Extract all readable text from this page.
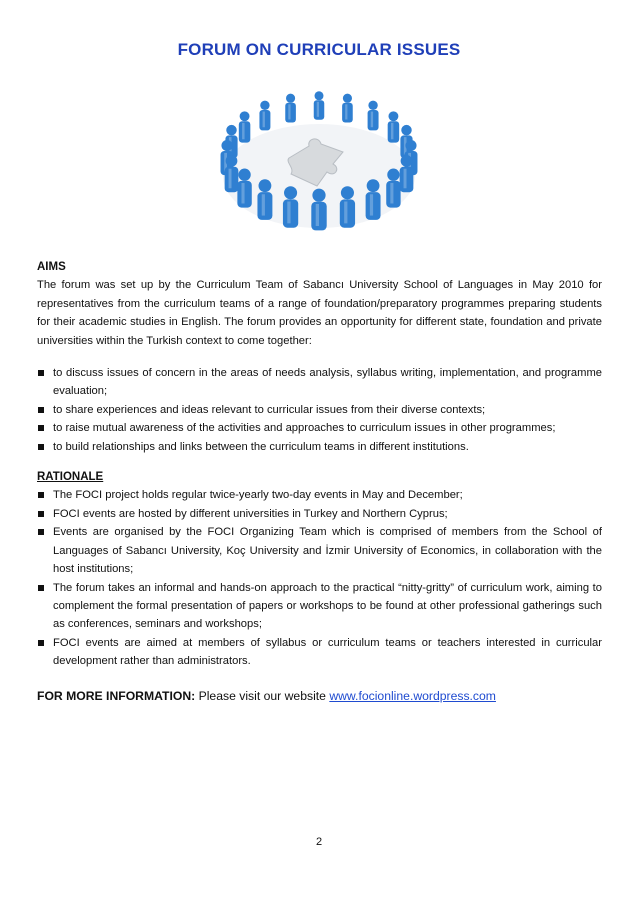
FORUM ON CURRICULAR ISSUES

AIMS

The forum was set up by the Curriculum Team of Sabancı University School of Languages in May 2010 for representatives from the curriculum teams of a range of foundation/preparatory programmes preparing students for their academic studies in English. The forum provides an opportunity for different state, foundation and private universities within the Turkish context to come together:

to discuss issues of concern in the areas of needs analysis, syllabus writing, implementation, and programme evaluation;
to share experiences and ideas relevant to curricular issues from their diverse contexts;
to raise mutual awareness of the activities and approaches to curriculum issues in other programmes;
to build relationships and links between the curriculum teams in different institutions.

RATIONALE

The FOCI project holds regular twice-yearly two-day events in May and December;
FOCI events are hosted by different universities in Turkey and Northern Cyprus;
Events are organised by the FOCI Organizing Team which is comprised of members from the School of Languages of Sabancı University, Koç University and İzmir University of Economics, in collaboration with the host institutions;
The forum takes an informal and hands-on approach to the practical “nitty-gritty” of curriculum work, aiming to complement the formal presentation of papers or workshops to be found at other professional gatherings such as conferences, seminars and workshops;
FOCI events are aimed at members of syllabus or curriculum teams or teachers interested in curricular development rather than administrators.
FOR MORE INFORMATION: Please visit our website www.focionline.wordpress.com
2
